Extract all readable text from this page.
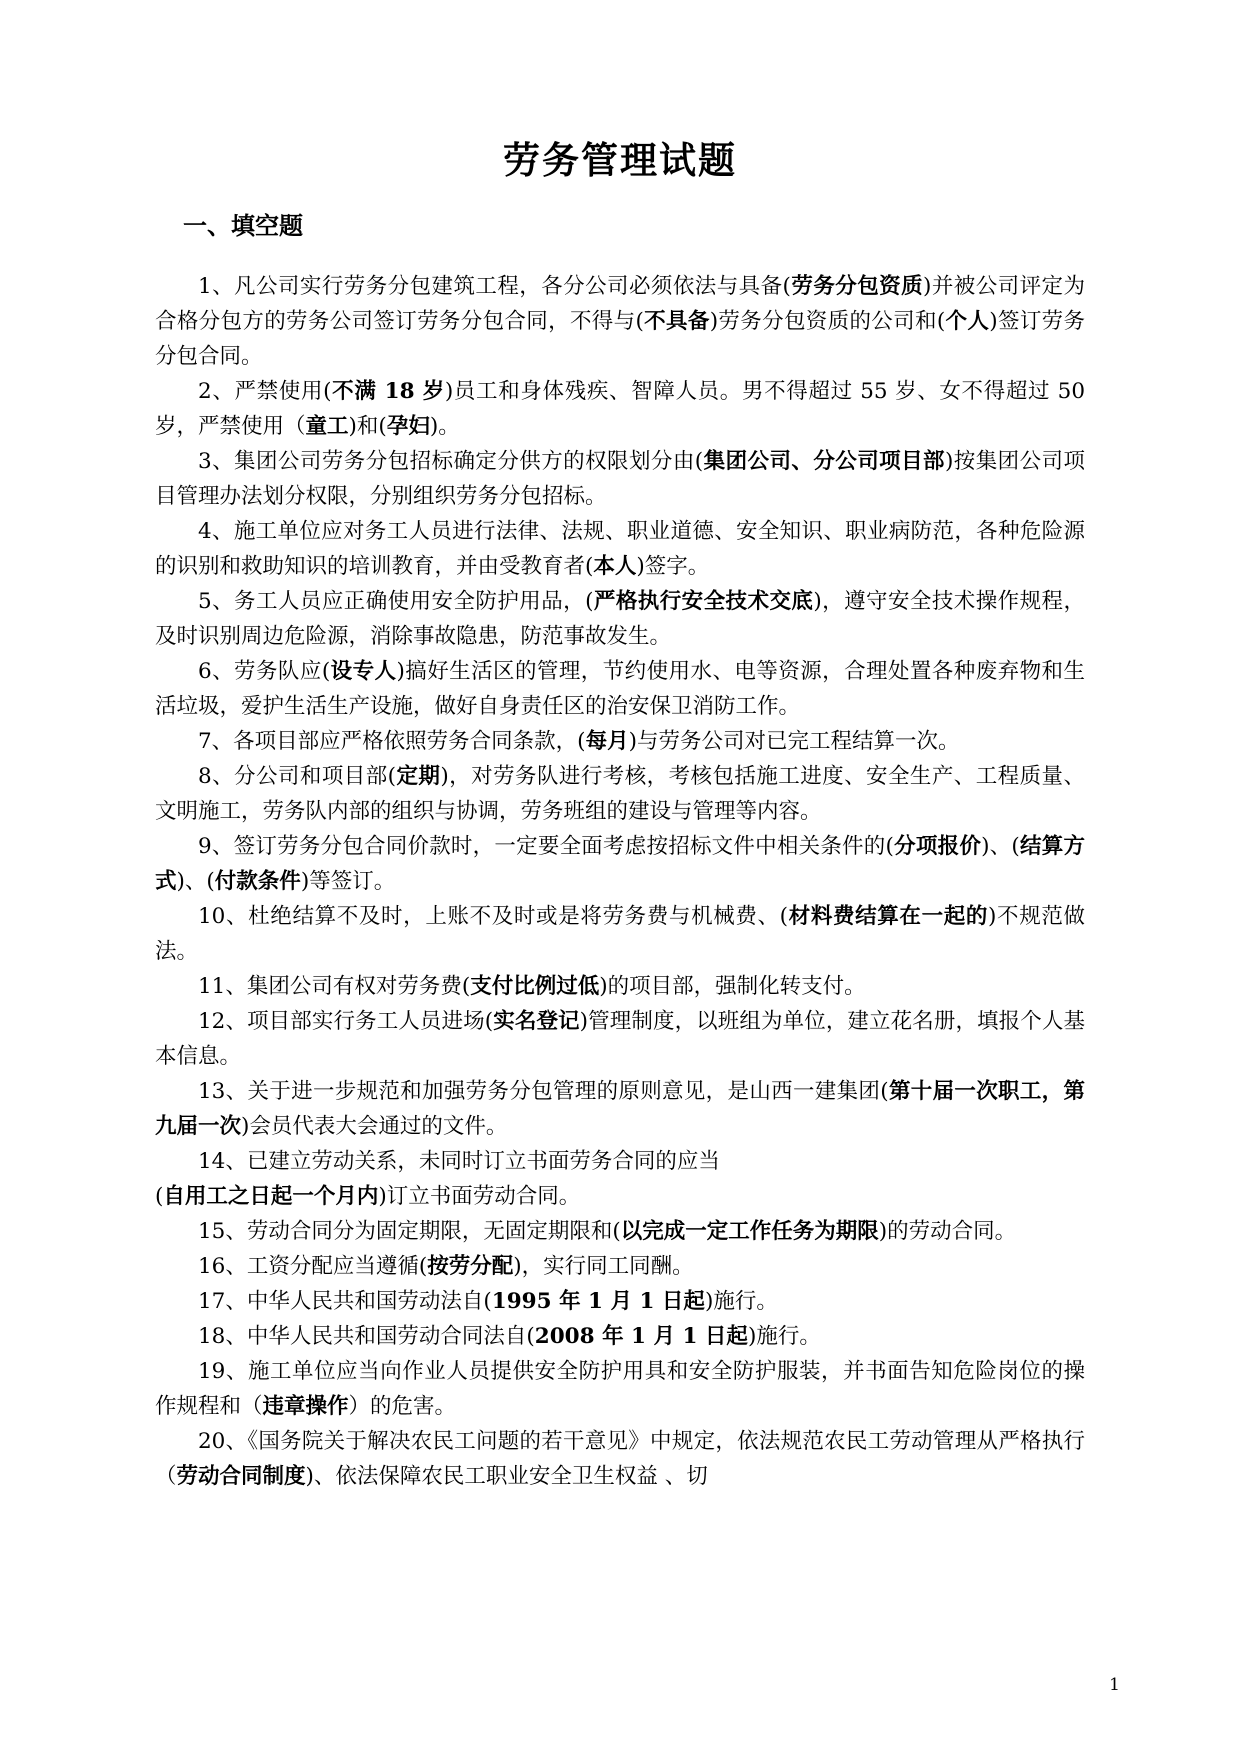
劳务管理试题
一、填空题

1、凡公司实行劳务分包建筑工程，各分公司必须依法与具备(劳务分包资质)并被公司评定为合格分包方的劳务公司签订劳务分包合同，不得与(不具备)劳务分包资质的公司和(个人)签订劳务分包合同。

2、严禁使用(不满 18 岁)员工和身体残疾、智障人员。男不得超过 55 岁、女不得超过 50 岁，严禁使用（童工)和(孕妇)。

3、集团公司劳务分包招标确定分供方的权限划分由(集团公司、分公司项目部)按集团公司项目管理办法划分权限，分别组织劳务分包招标。

4、施工单位应对务工人员进行法律、法规、职业道德、安全知识、职业病防范，各种危险源的识别和救助知识的培训教育，并由受教育者(本人)签字。

5、务工人员应正确使用安全防护用品，(严格执行安全技术交底)，遵守安全技术操作规程，及时识别周边危险源，消除事故隐患，防范事故发生。

6、劳务队应(设专人)搞好生活区的管理，节约使用水、电等资源，合理处置各种废弃物和生活垃圾，爱护生活生产设施，做好自身责任区的治安保卫消防工作。

7、各项目部应严格依照劳务合同条款，(每月)与劳务公司对已完工程结算一次。

8、分公司和项目部(定期)，对劳务队进行考核，考核包括施工进度、安全生产、工程质量、文明施工，劳务队内部的组织与协调，劳务班组的建设与管理等内容。

9、签订劳务分包合同价款时，一定要全面考虑按招标文件中相关条件的(分项报价)、(结算方式)、(付款条件)等签订。

10、杜绝结算不及时，上账不及时或是将劳务费与机械费、(材料费结算在一起的)不规范做法。

11、集团公司有权对劳务费(支付比例过低)的项目部，强制化转支付。

12、项目部实行务工人员进场(实名登记)管理制度，以班组为单位，建立花名册，填报个人基本信息。

13、关于进一步规范和加强劳务分包管理的原则意见，是山西一建集团(第十届一次职工，第九届一次)会员代表大会通过的文件。

14、已建立劳动关系，未同时订立书面劳务合同的应当
(自用工之日起一个月内)订立书面劳动合同。

15、劳动合同分为固定期限，无固定期限和(以完成一定工作任务为期限)的劳动合同。

16、工资分配应当遵循(按劳分配)，实行同工同酬。

17、中华人民共和国劳动法自(1995 年 1 月 1 日起)施行。

18、中华人民共和国劳动合同法自(2008 年 1 月 1 日起)施行。

19、施工单位应当向作业人员提供安全防护用具和安全防护服装，并书面告知危险岗位的操作规程和（违章操作）的危害。

20、《国务院关于解决农民工问题的若干意见》中规定，依法规范农民工劳动管理从严格执行（劳动合同制度)、依法保障农民工职业安全卫生权益 、切

1
